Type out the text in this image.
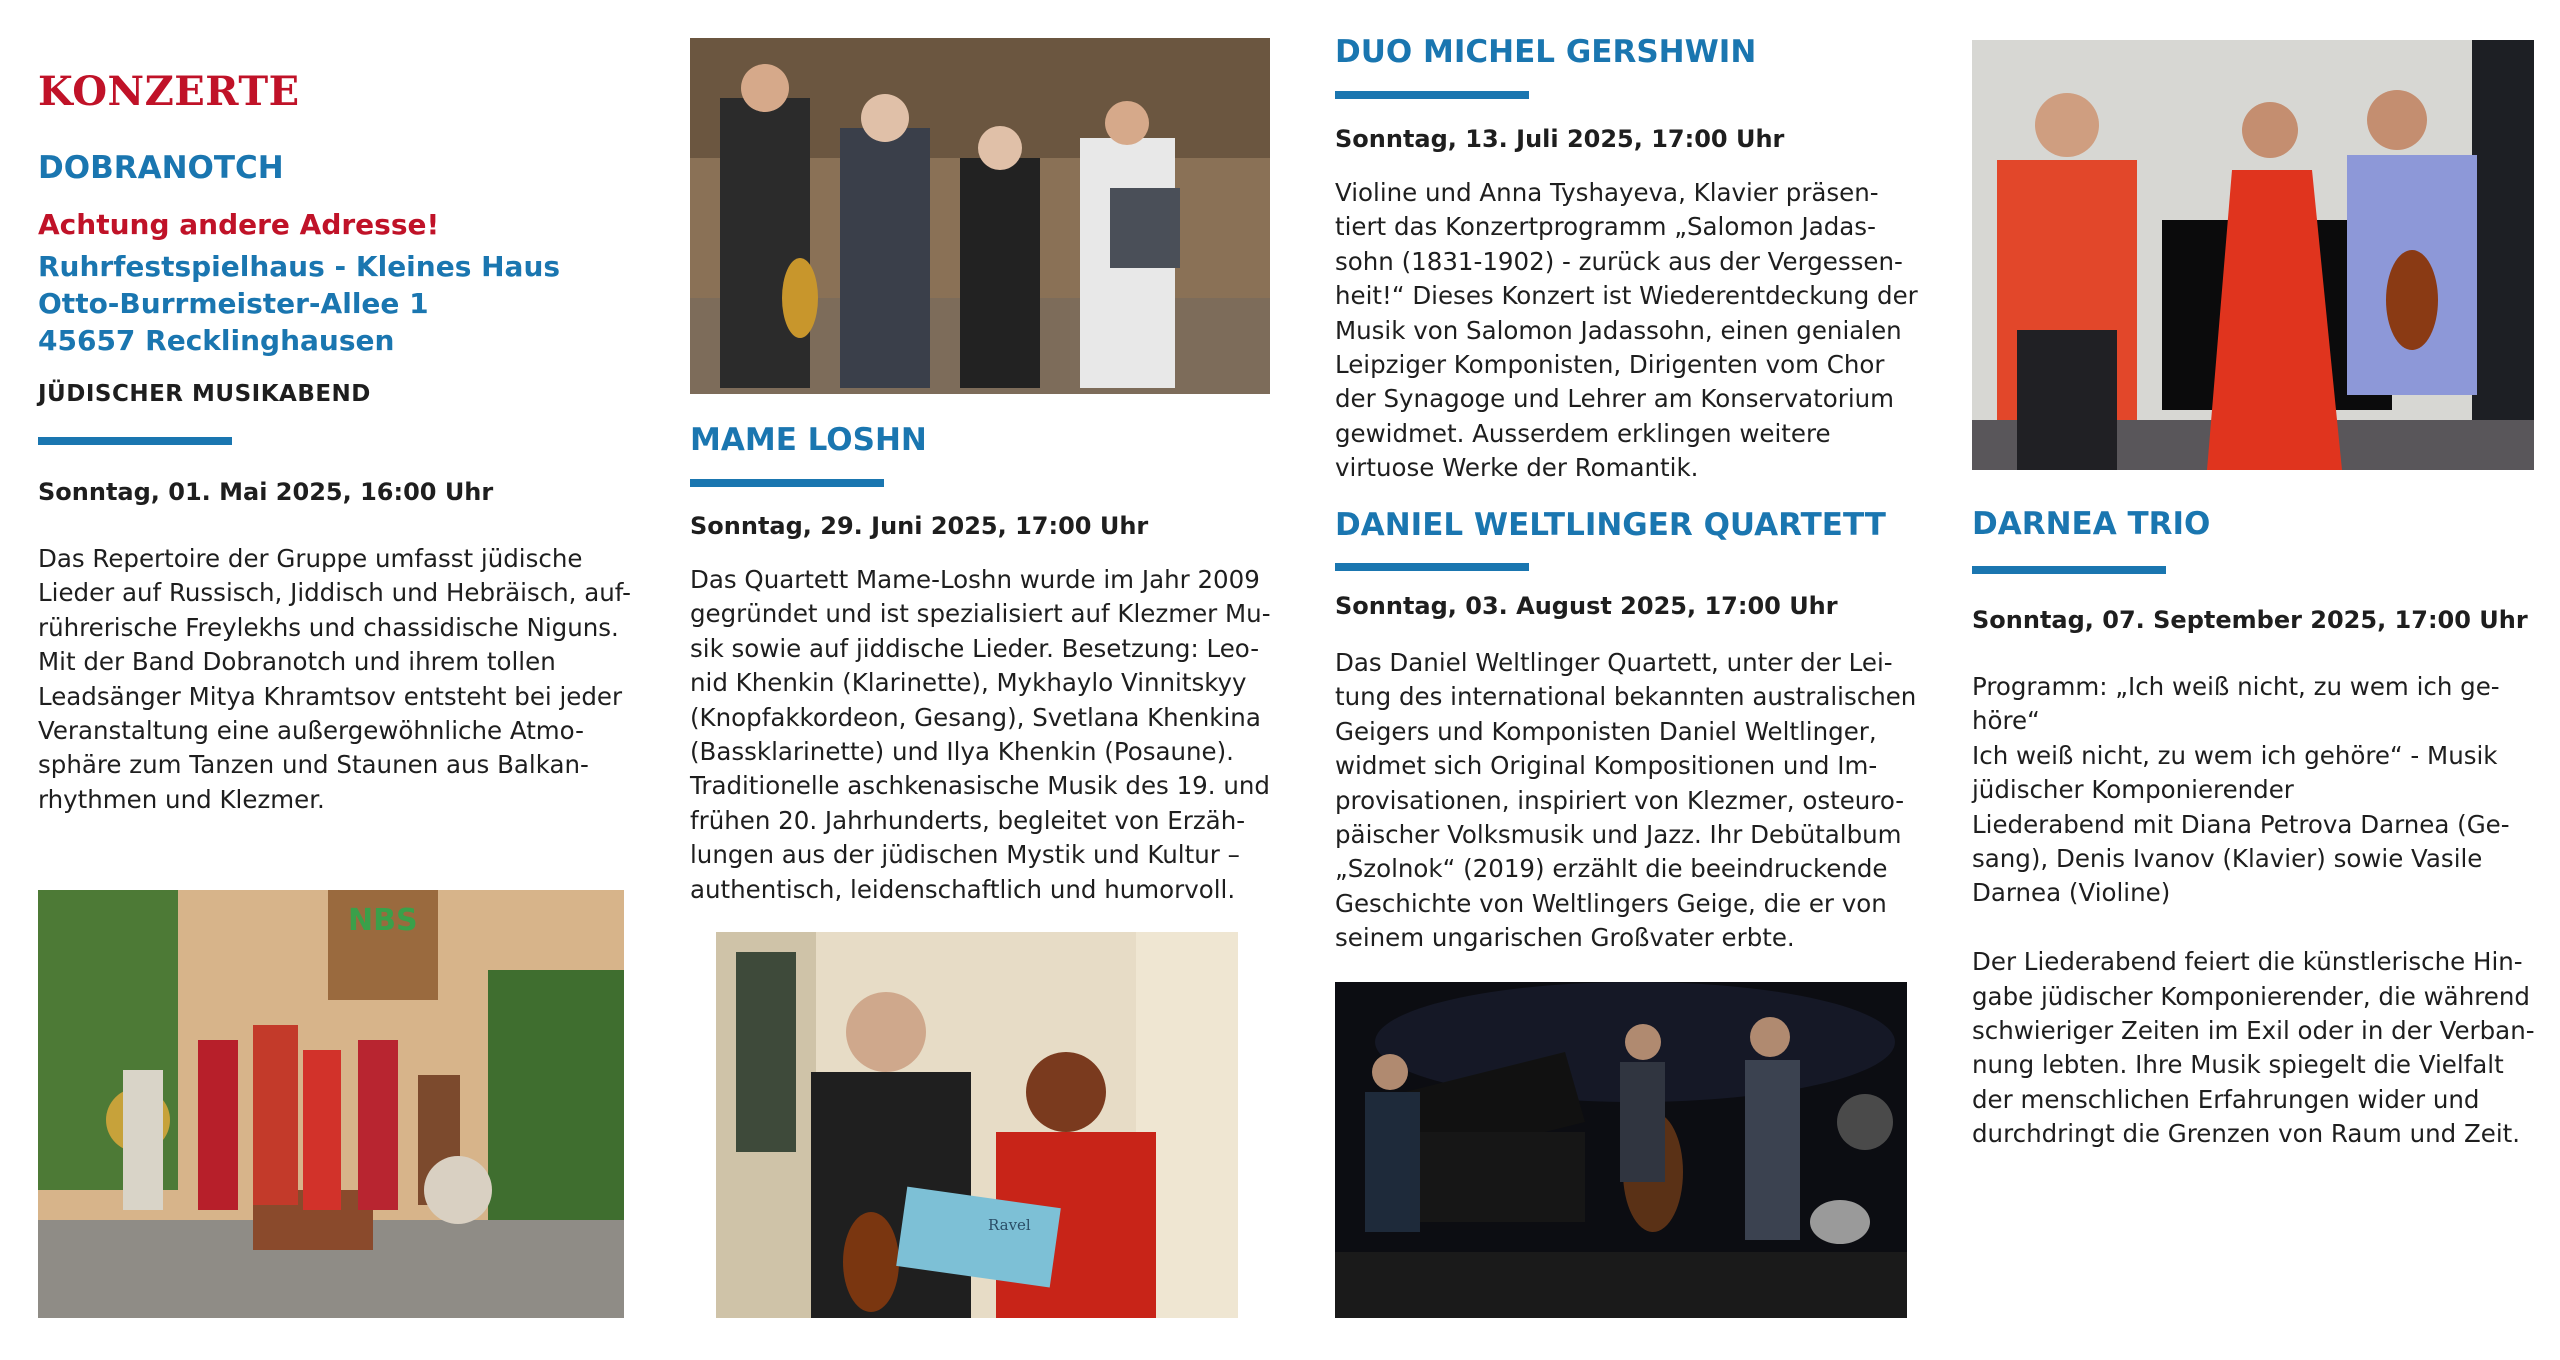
KONZERTE
DOBRANOTCH
Achtung andere Adresse!
Ruhrfestspielhaus - Kleines Haus
Otto-Burrmeister-Allee 1
45657 Recklinghausen
JÜDISCHER MUSIKABEND
Sonntag, 01. Mai 2025, 16:00 Uhr
Das Repertoire der Gruppe umfasst jüdische
Lieder auf Russisch, Jiddisch und Hebräisch, auf-
rührerische Freylekhs und chassidische Niguns.
Mit der Band Dobranotch und ihrem tollen
Leadsänger Mitya Khramtsov entsteht bei jeder
Veranstaltung eine außergewöhnliche Atmo-
sphäre zum Tanzen und Staunen aus Balkan-
rhythmen und Klezmer.
NBS
MAME LOSHN
Sonntag, 29. Juni 2025, 17:00 Uhr
Das Quartett Mame-Loshn wurde im Jahr 2009
gegründet und ist spezialisiert auf Klezmer Mu-
sik sowie auf jiddische Lieder. Besetzung: Leo-
nid Khenkin (Klarinette), Mykhaylo Vinnitskyy
(Knopfakkordeon, Gesang), Svetlana Khenkina
(Bassklarinette) und Ilya Khenkin (Posaune).
Traditionelle aschkenasische Musik des 19. und
frühen 20. Jahrhunderts, begleitet von Erzäh-
lungen aus der jüdischen Mystik und Kultur –
authentisch, leidenschaftlich und humorvoll.
Ravel
DUO MICHEL GERSHWIN
Sonntag, 13. Juli 2025, 17:00 Uhr
Violine und Anna Tyshayeva, Klavier präsen-
tiert das Konzertprogramm „Salomon Jadas-
sohn (1831-1902) - zurück aus der Vergessen-
heit!“ Dieses Konzert ist Wiederentdeckung der
Musik von Salomon Jadassohn, einen genialen
Leipziger Komponisten, Dirigenten vom Chor
der Synagoge und Lehrer am Konservatorium
gewidmet. Ausserdem erklingen weitere
virtuose Werke der Romantik.
DANIEL WELTLINGER QUARTETT
Sonntag, 03. August 2025, 17:00 Uhr
Das Daniel Weltlinger Quartett, unter der Lei-
tung des international bekannten australischen
Geigers und Komponisten Daniel Weltlinger,
widmet sich Original Kompositionen und Im-
provisationen, inspiriert von Klezmer, osteuro-
päischer Volksmusik und Jazz. Ihr Debütalbum
„Szolnok“ (2019) erzählt die beeindruckende
Geschichte von Weltlingers Geige, die er von
seinem ungarischen Großvater erbte.
DARNEA TRIO
Sonntag, 07. September 2025, 17:00 Uhr
Programm: „Ich weiß nicht, zu wem ich ge-
höre“
Ich weiß nicht, zu wem ich gehöre“ - Musik
jüdischer Komponierender
Liederabend mit Diana Petrova Darnea (Ge-
sang), Denis Ivanov (Klavier) sowie Vasile
Darnea (Violine)

Der Liederabend feiert die künstlerische Hin-
gabe jüdischer Komponierender, die während
schwieriger Zeiten im Exil oder in der Verban-
nung lebten. Ihre Musik spiegelt die Vielfalt
der menschlichen Erfahrungen wider und
durchdringt die Grenzen von Raum und Zeit.
